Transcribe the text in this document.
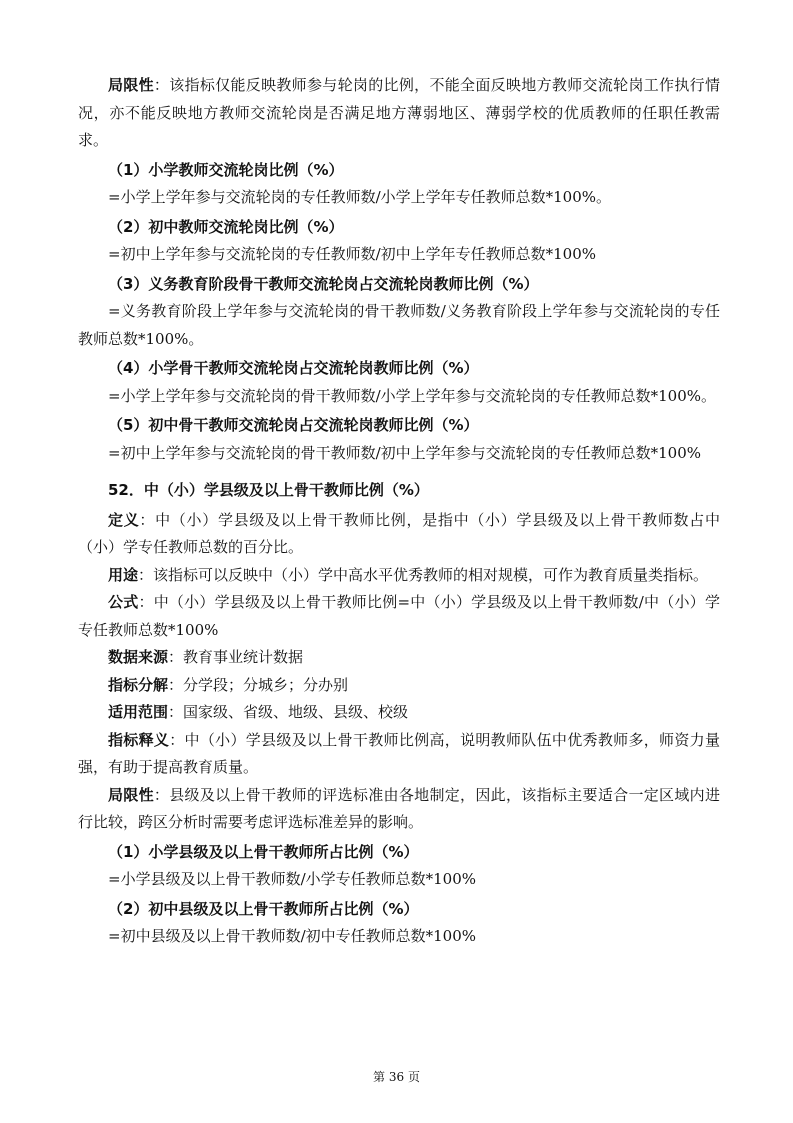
局限性：该指标仅能反映教师参与轮岗的比例，不能全面反映地方教师交流轮岗工作执行情况，亦不能反映地方教师交流轮岗是否满足地方薄弱地区、薄弱学校的优质教师的任职任教需求。

（1）小学教师交流轮岗比例（%）

=小学上学年参与交流轮岗的专任教师数/小学上学年专任教师总数*100%。

（2）初中教师交流轮岗比例（%）

=初中上学年参与交流轮岗的专任教师数/初中上学年专任教师总数*100%

（3）义务教育阶段骨干教师交流轮岗占交流轮岗教师比例（%）

=义务教育阶段上学年参与交流轮岗的骨干教师数/义务教育阶段上学年参与交流轮岗的专任教师总数*100%。

（4）小学骨干教师交流轮岗占交流轮岗教师比例（%）

=小学上学年参与交流轮岗的骨干教师数/小学上学年参与交流轮岗的专任教师总数*100%。

（5）初中骨干教师交流轮岗占交流轮岗教师比例（%）

=初中上学年参与交流轮岗的骨干教师数/初中上学年参与交流轮岗的专任教师总数*100%

52．中（小）学县级及以上骨干教师比例（%）

定义：中（小）学县级及以上骨干教师比例，是指中（小）学县级及以上骨干教师数占中（小）学专任教师总数的百分比。

用途：该指标可以反映中（小）学中高水平优秀教师的相对规模，可作为教育质量类指标。

公式：中（小）学县级及以上骨干教师比例=中（小）学县级及以上骨干教师数/中（小）学专任教师总数*100%

数据来源：教育事业统计数据

指标分解：分学段；分城乡；分办别

适用范围：国家级、省级、地级、县级、校级

指标释义：中（小）学县级及以上骨干教师比例高，说明教师队伍中优秀教师多，师资力量强，有助于提高教育质量。

局限性：县级及以上骨干教师的评选标准由各地制定，因此，该指标主要适合一定区域内进行比较，跨区分析时需要考虑评选标准差异的影响。

（1）小学县级及以上骨干教师所占比例（%）

=小学县级及以上骨干教师数/小学专任教师总数*100%

（2）初中县级及以上骨干教师所占比例（%）

=初中县级及以上骨干教师数/初中专任教师总数*100%

第 36 页
